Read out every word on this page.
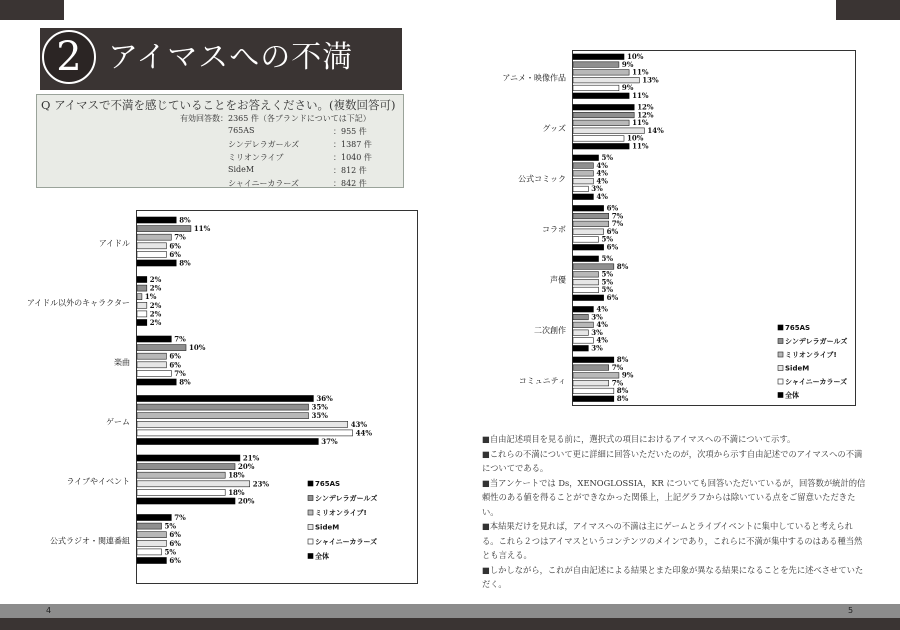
4	5
2 アイマスへの不満
Q アイマスで不満を感じていることをお答えください。(複数回答可)
有効回答数：2365 件（各ブランドについては下記）
765AS	：955 件
シンデレラガールズ	：1387 件
ミリオンライブ	：1040 件
SideM	：812 件
シャイニーカラーズ	：842 件
アイドル
8%
11%
7%
6%
6%
8%
アイドル以外のキャラクター
2%
2%
1%
2%
2%
2%
楽曲
7%
10%
6%
6%
7%
8%
ゲーム
36%
35%
35%
43%
44%
37%
ライブやイベント
21%
20%
18%
23%
18%
20%
公式ラジオ・関連番組
7%
5%
6%
6%
5%
6%
765AS
シンデレラガールズ
ミリオンライブ!
SideM
シャイニーカラーズ
全体
アニメ・映像作品
10%
9%
11%
13%
9%
11%
グッズ
12%
12%
11%
14%
10%
11%
公式コミック
5%
4%
4%
4%
3%
4%
コラボ
6%
7%
7%
6%
5%
6%
声優
5%
8%
5%
5%
5%
6%
二次創作
4%
3%
4%
3%
4%
3%
コミュニティ
8%
7%
9%
7%
8%
8%
765AS
シンデレラガールズ
ミリオンライブ!
SideM
シャイニーカラーズ
全体

■自由記述項目を見る前に，選択式の項目におけるアイマスへの不満について示す。

■これらの不満について更に詳細に回答いただいたのが，次項から示す自由記述でのアイマスへの不満についてである。

■当アンケートでは Ds，XENOGLOSSIA，KR についても回答いただいているが，回答数が統計的信頼性のある値を得ることができなかった関係上，上記グラフからは除いている点をご留意いただきたい。

■本結果だけを見れば，アイマスへの不満は主にゲームとライブイベントに集中していると考えられる。これら２つはアイマスというコンテンツのメインであり，これらに不満が集中するのはある種当然とも言える。

■しかしながら，これが自由記述による結果とまた印象が異なる結果になることを先に述べさせていただく。
